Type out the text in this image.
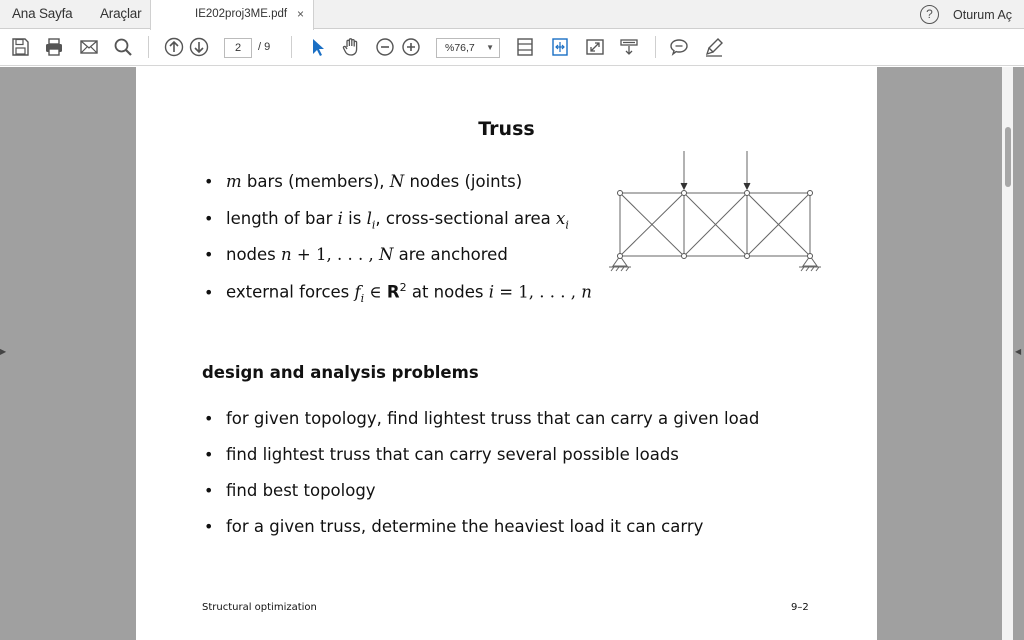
Ana Sayfa Araçlar	IE202proj3ME.pdf ×	?	Oturum Aç
2	/ 9	%76,7 ▼
▶	◀
Truss
• m bars (members), N nodes (joints)
• length of bar i is $l_i$, cross-sectional area $x_i$
• nodes n + 1, . . . , N are anchored
• external forces $f_i$ ∈ $R^2$ at nodes i = 1, . . . , n
design and analysis problems
• for given topology, find lightest truss that can carry a given load
• find lightest truss that can carry several possible loads
• find best topology
• for a given truss, determine the heaviest load it can carry
Structural optimization	9–2
